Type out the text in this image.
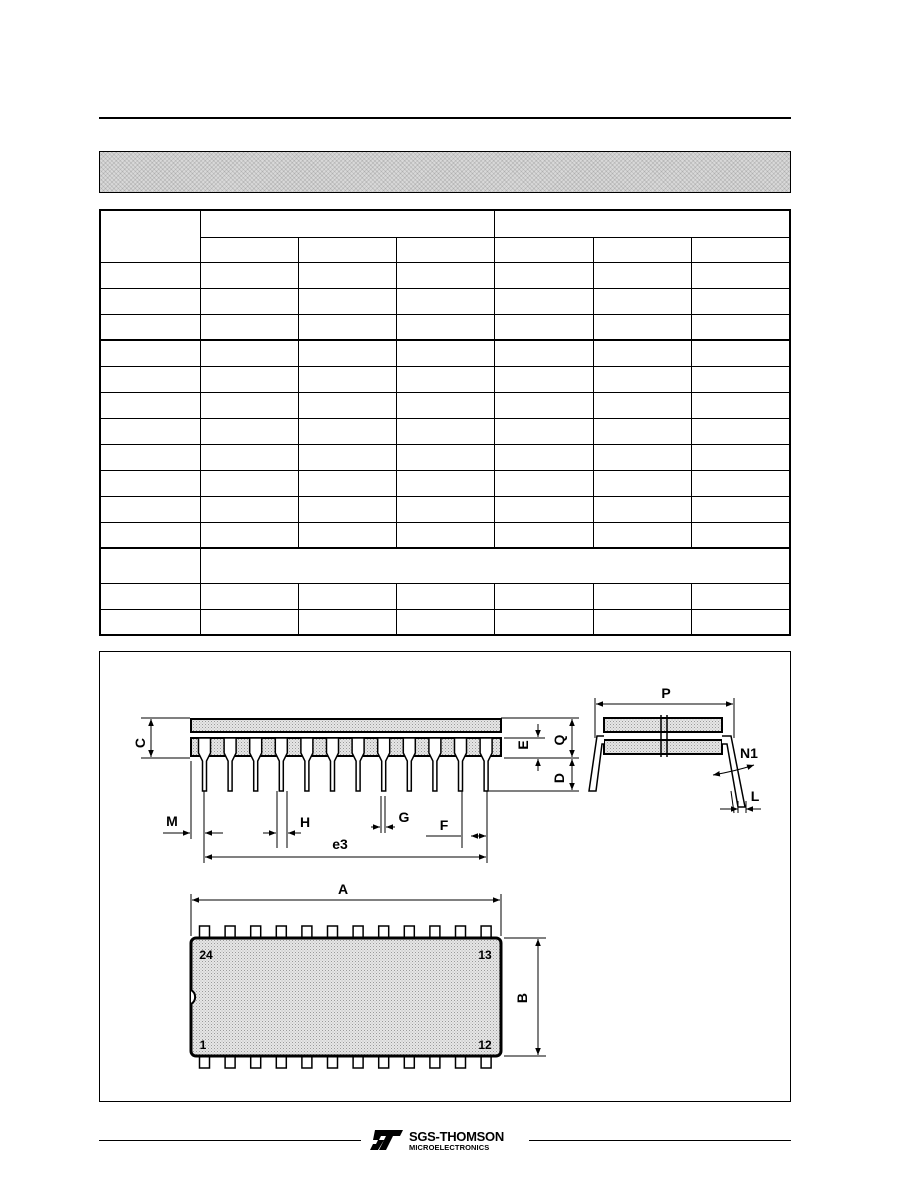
C	E Q
D
M	H	G F
e3
P
N1
L
A
B
24	13
1	12
SGS-THOMSON
MICROELECTRONICS
